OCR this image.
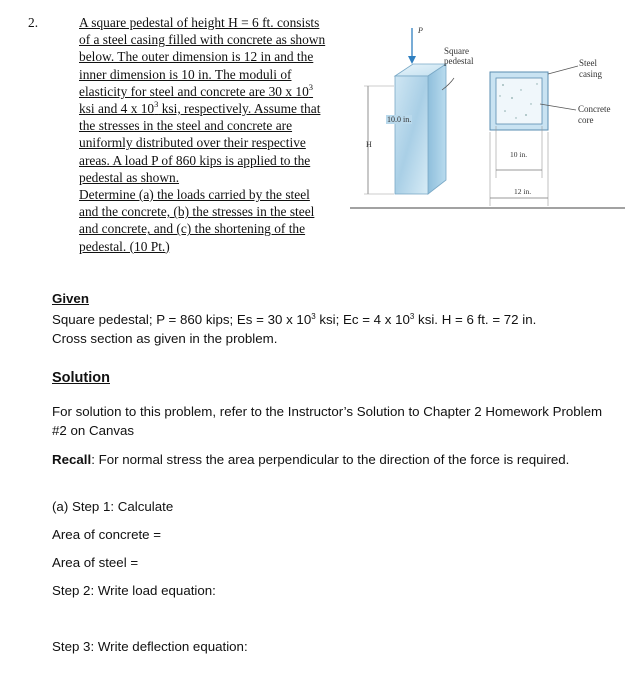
2.	A square pedestal of height H = 6 ft. consists
of a steel casing filled with concrete as shown
below. The outer dimension is 12 in and the
inner dimension is 10 in. The moduli of
elasticity for steel and concrete are 30 x $10^3$
ksi and 4 x $10^3$ ksi, respectively. Assume that
the stresses in the steel and concrete are
uniformly distributed over their respective
areas. A load P of 860 kips is applied to the
pedestal as shown.
Determine (a) the loads carried by the steel
and the concrete, (b) the stresses in the steel
and concrete, and (c) the shortening of the
pedestal. (10 Pt.)
P
Square
pedestal	Steel
casing
Concrete
core
H
10.0 in.
10 in.
12 in.
Given
Square pedestal; P = 860 kips; Es = 30 x $10^3$ ksi; Ec = 4 x $10^3$ ksi. H = 6 ft. = 72 in.
Cross section as given in the problem.
Solution
For solution to this problem, refer to the Instructor’s Solution to Chapter 2 Homework Problem
#2 on Canvas
Recall: For normal stress the area perpendicular to the direction of the force is required.
(a) Step 1: Calculate
Area of concrete =
Area of steel =
Step 2: Write load equation:
Step 3: Write deflection equation:
